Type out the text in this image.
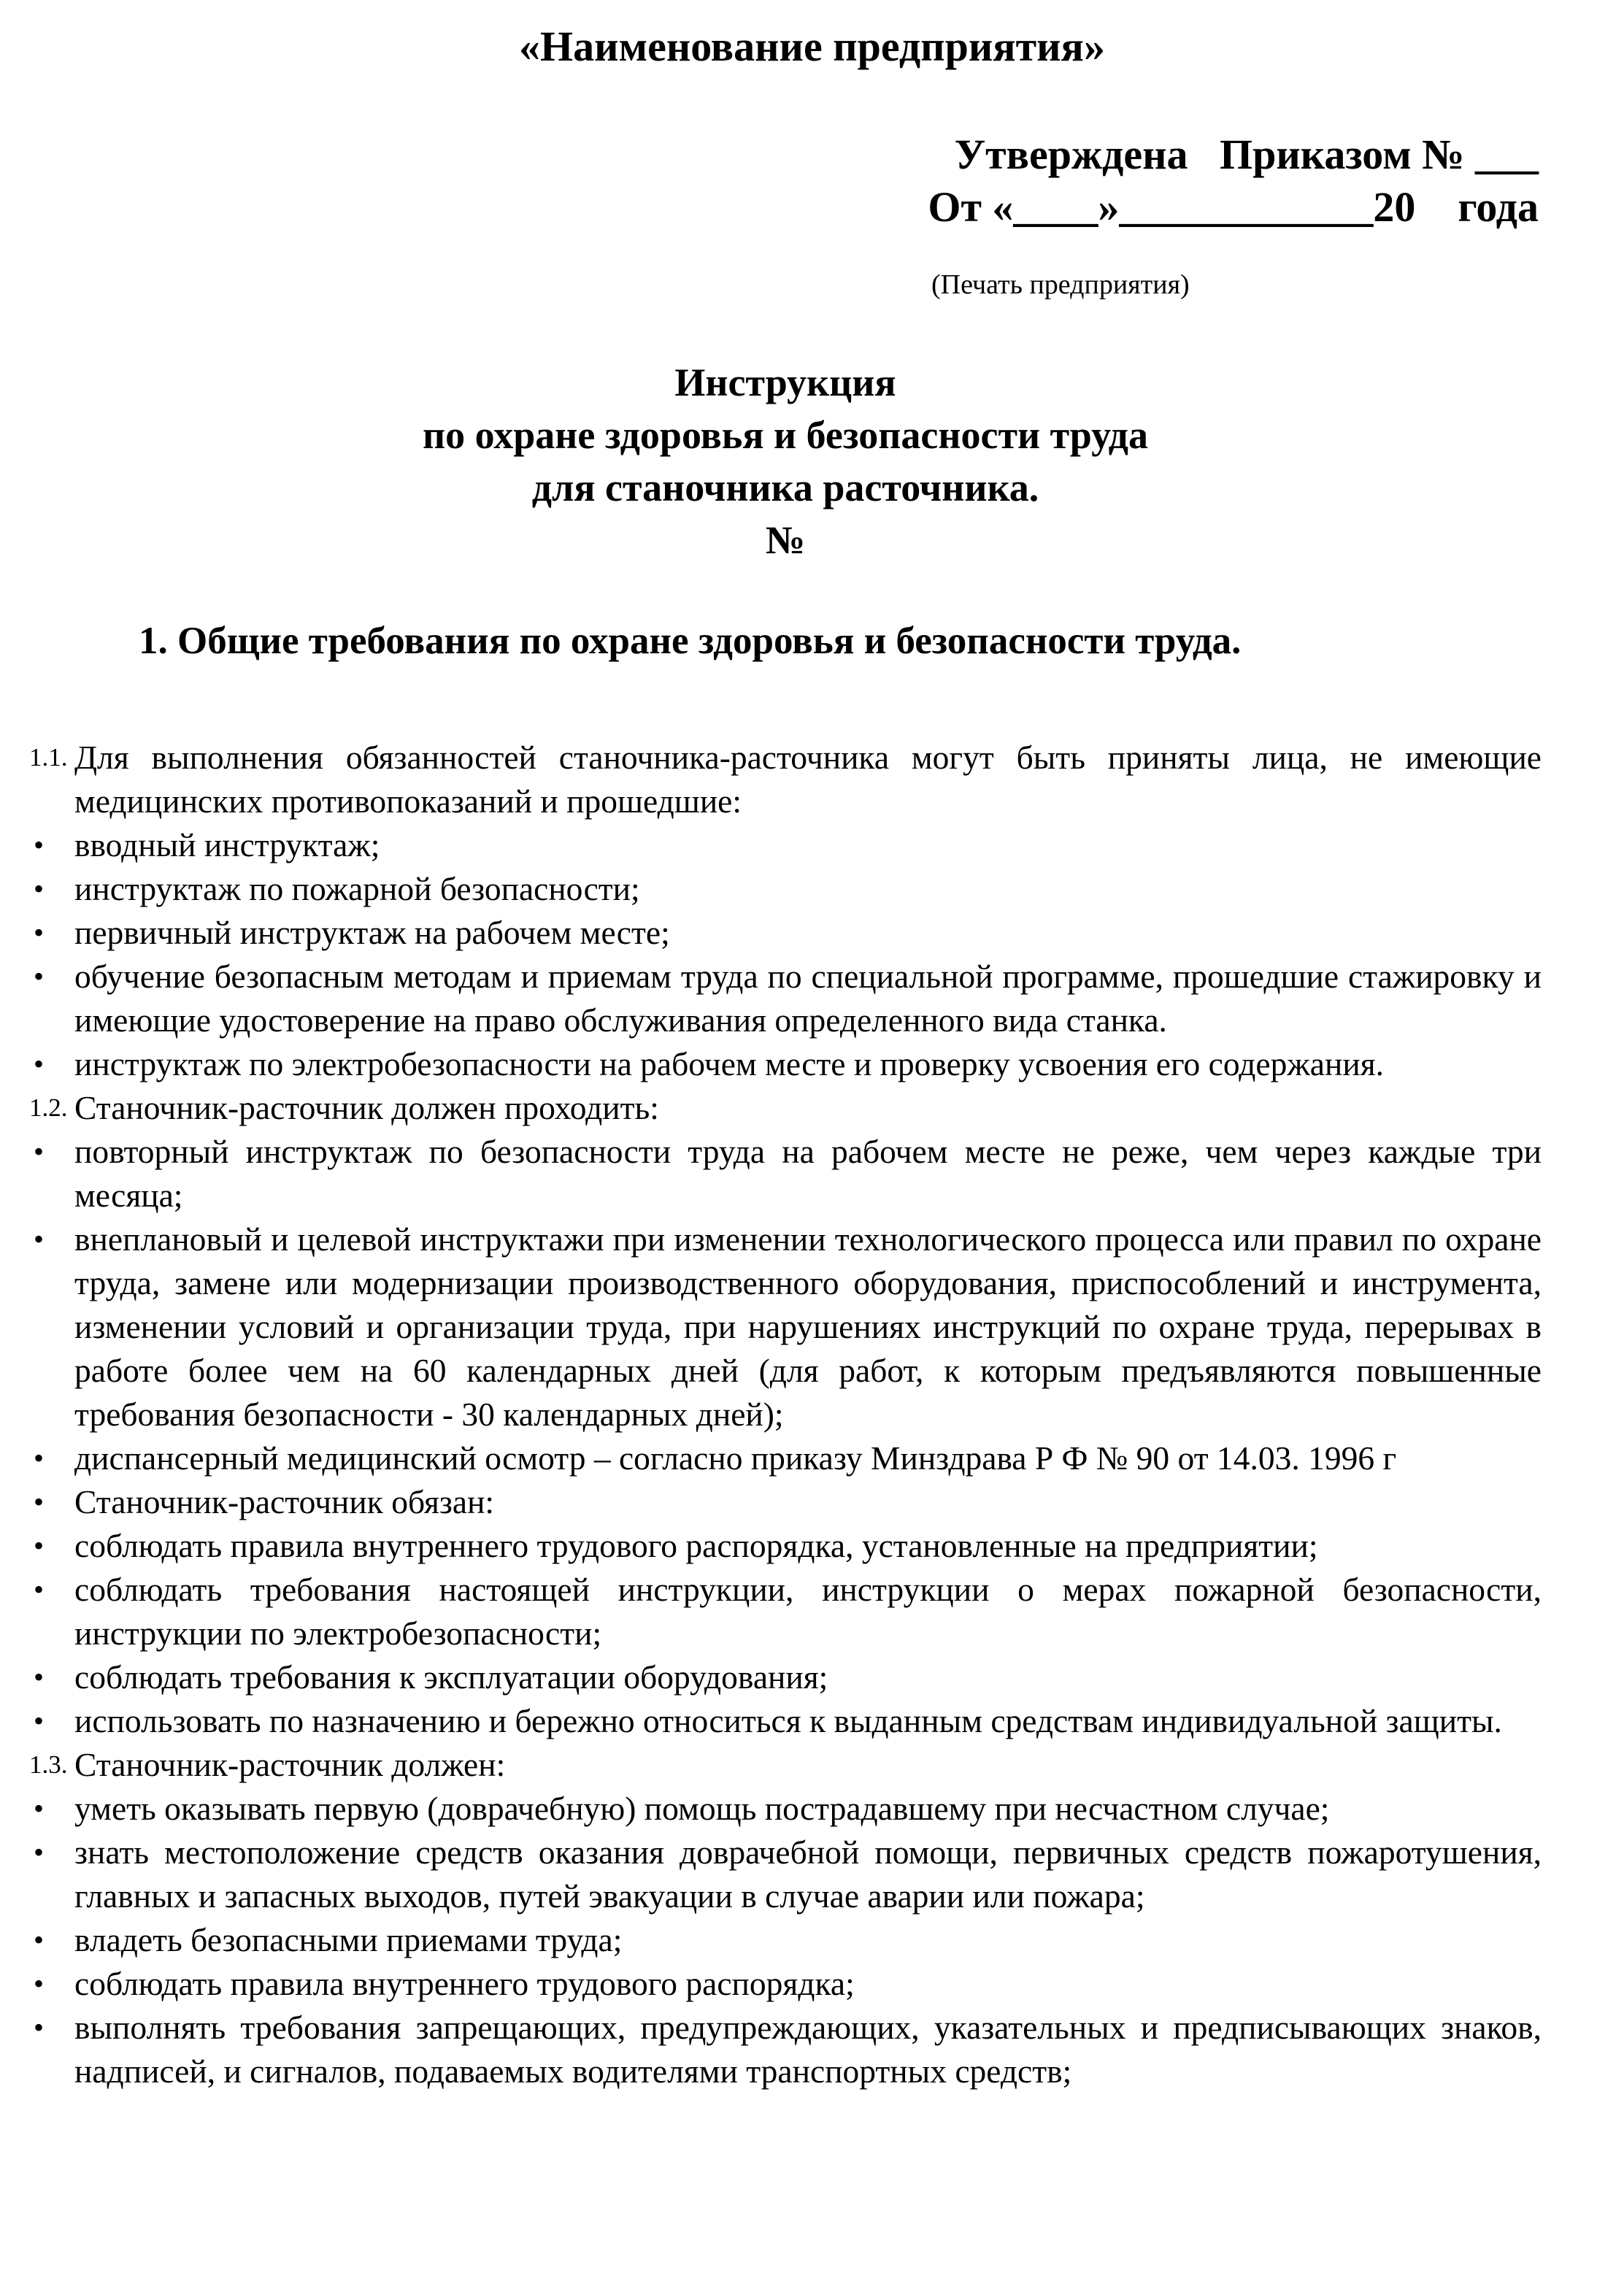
«Наименование предприятия»
Утверждена   Приказом № ___
От «____»____________20    года
(Печать предприятия)
Инструкция
по охране здоровья и безопасности труда
для станочника расточника.
№
1. Общие требования по охране здоровья и безопасности труда.
1.1. Для выполнения обязанностей станочника-расточника могут быть приняты лица, не имеющие медицинских противопоказаний и прошедшие:
• вводный инструктаж;
• инструктаж по пожарной безопасности;
• первичный инструктаж на рабочем месте;
• обучение безопасным методам и приемам труда по специальной программе, прошедшие стажировку и имеющие удостоверение на право обслуживания определенного вида станка.
• инструктаж по электробезопасности на рабочем месте и проверку усвоения его содержания.
1.2. Станочник-расточник должен проходить:
• повторный инструктаж по безопасности труда на рабочем месте не реже, чем через каждые три месяца;
• внеплановый и целевой инструктажи при изменении технологического процесса или правил по охране труда, замене или модернизации производственного оборудования, приспособлений и инструмента, изменении условий и организации труда, при нарушениях инструкций по охране труда, перерывах в работе более чем на 60 календарных дней (для работ, к которым предъявляются повышенные требования безопасности - 30 календарных дней);
• диспансерный медицинский осмотр – согласно приказу Минздрава Р Ф № 90 от 14.03. 1996 г
• Станочник-расточник обязан:
• соблюдать правила внутреннего трудового распорядка, установленные на предприятии;
• соблюдать требования настоящей инструкции, инструкции о мерах пожарной безопасности, инструкции по электробезопасности;
• соблюдать требования к эксплуатации оборудования;
• использовать по назначению и бережно относиться к выданным средствам индивидуальной защиты.
1.3. Станочник-расточник должен:
• уметь оказывать первую (доврачебную) помощь пострадавшему при несчастном случае;
• знать местоположение средств оказания доврачебной помощи, первичных средств пожаротушения, главных и запасных выходов, путей эвакуации в случае аварии или пожара;
• владеть безопасными приемами труда;
• соблюдать правила внутреннего трудового распорядка;
• выполнять требования запрещающих, предупреждающих, указательных и предписывающих знаков, надписей, и сигналов, подаваемых водителями транспортных средств;
